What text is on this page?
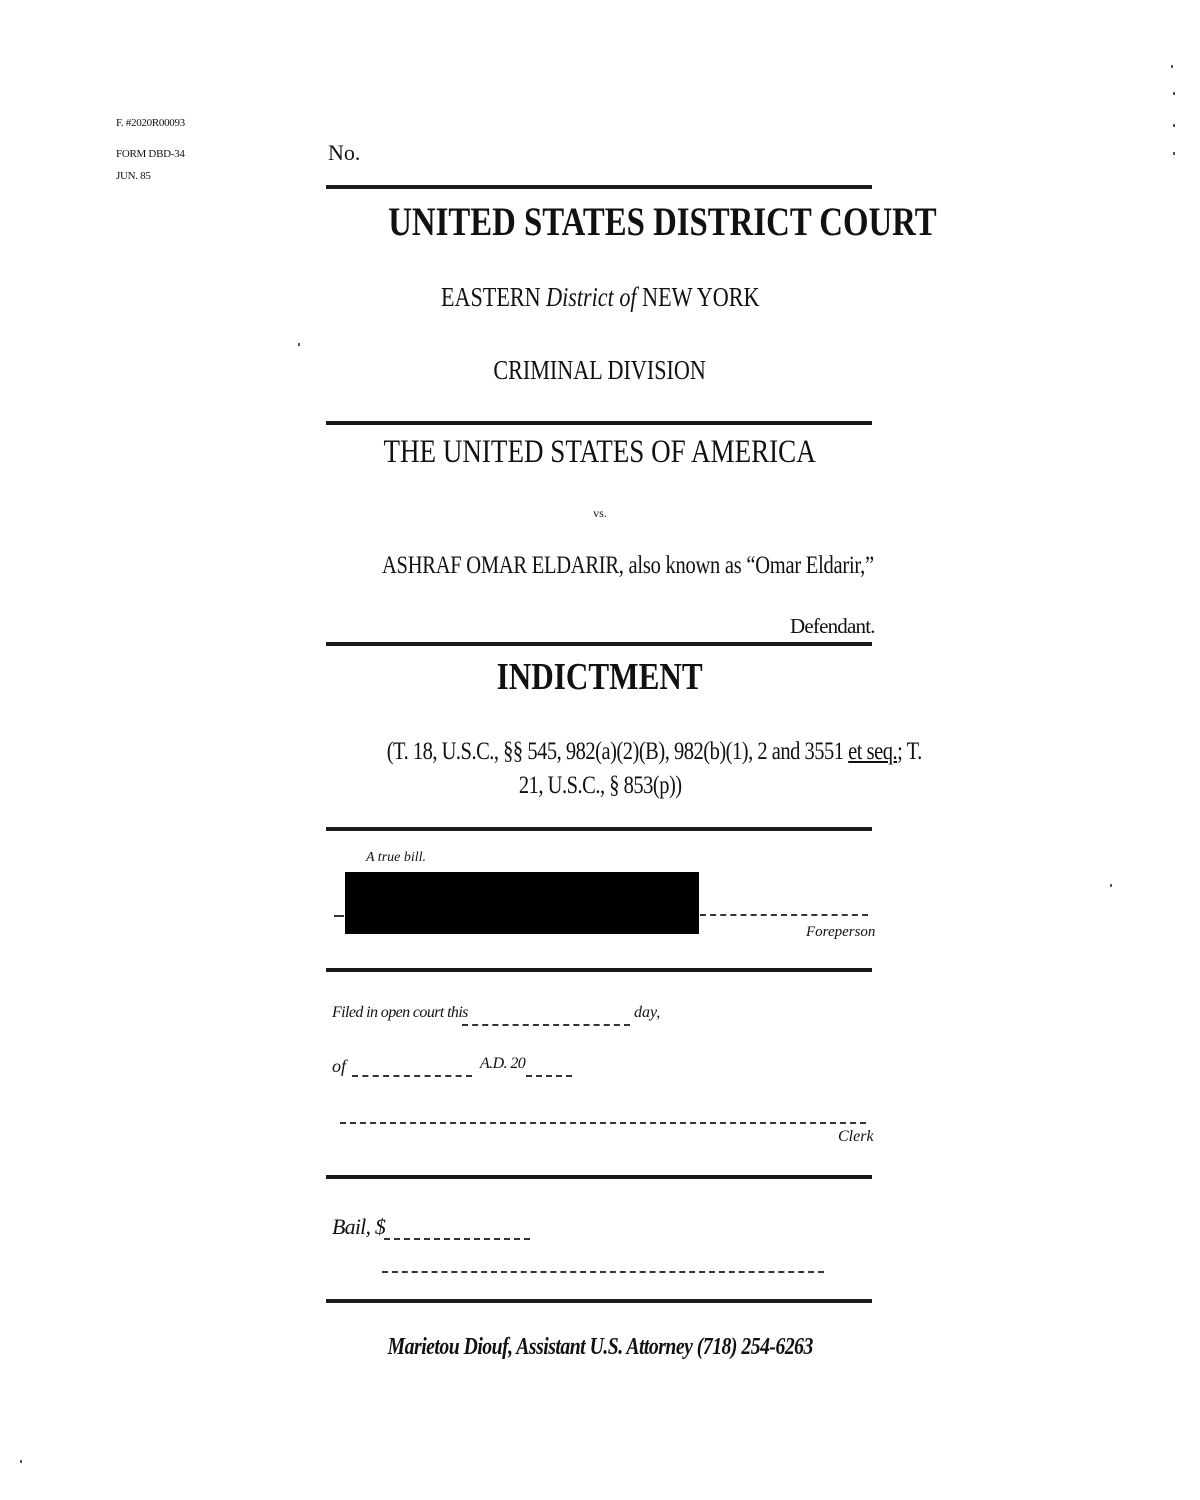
F. #2020R00093
FORM DBD-34
JUN. 85
No.
UNITED STATES DISTRICT COURT
EASTERN District of NEW YORK
CRIMINAL DIVISION
THE UNITED STATES OF AMERICA
vs.
ASHRAF OMAR ELDARIR, also known as “Omar Eldarir,”
Defendant.
INDICTMENT
(T. 18, U.S.C., §§ 545, 982(a)(2)(B), 982(b)(1), 2 and 3551 et seq.; T.
21, U.S.C., § 853(p))
A true bill.
Foreperson
Filed in open court this	day,
of	A.D. 20
Clerk
Bail, $
Marietou Diouf, Assistant U.S. Attorney (718) 254-6263
